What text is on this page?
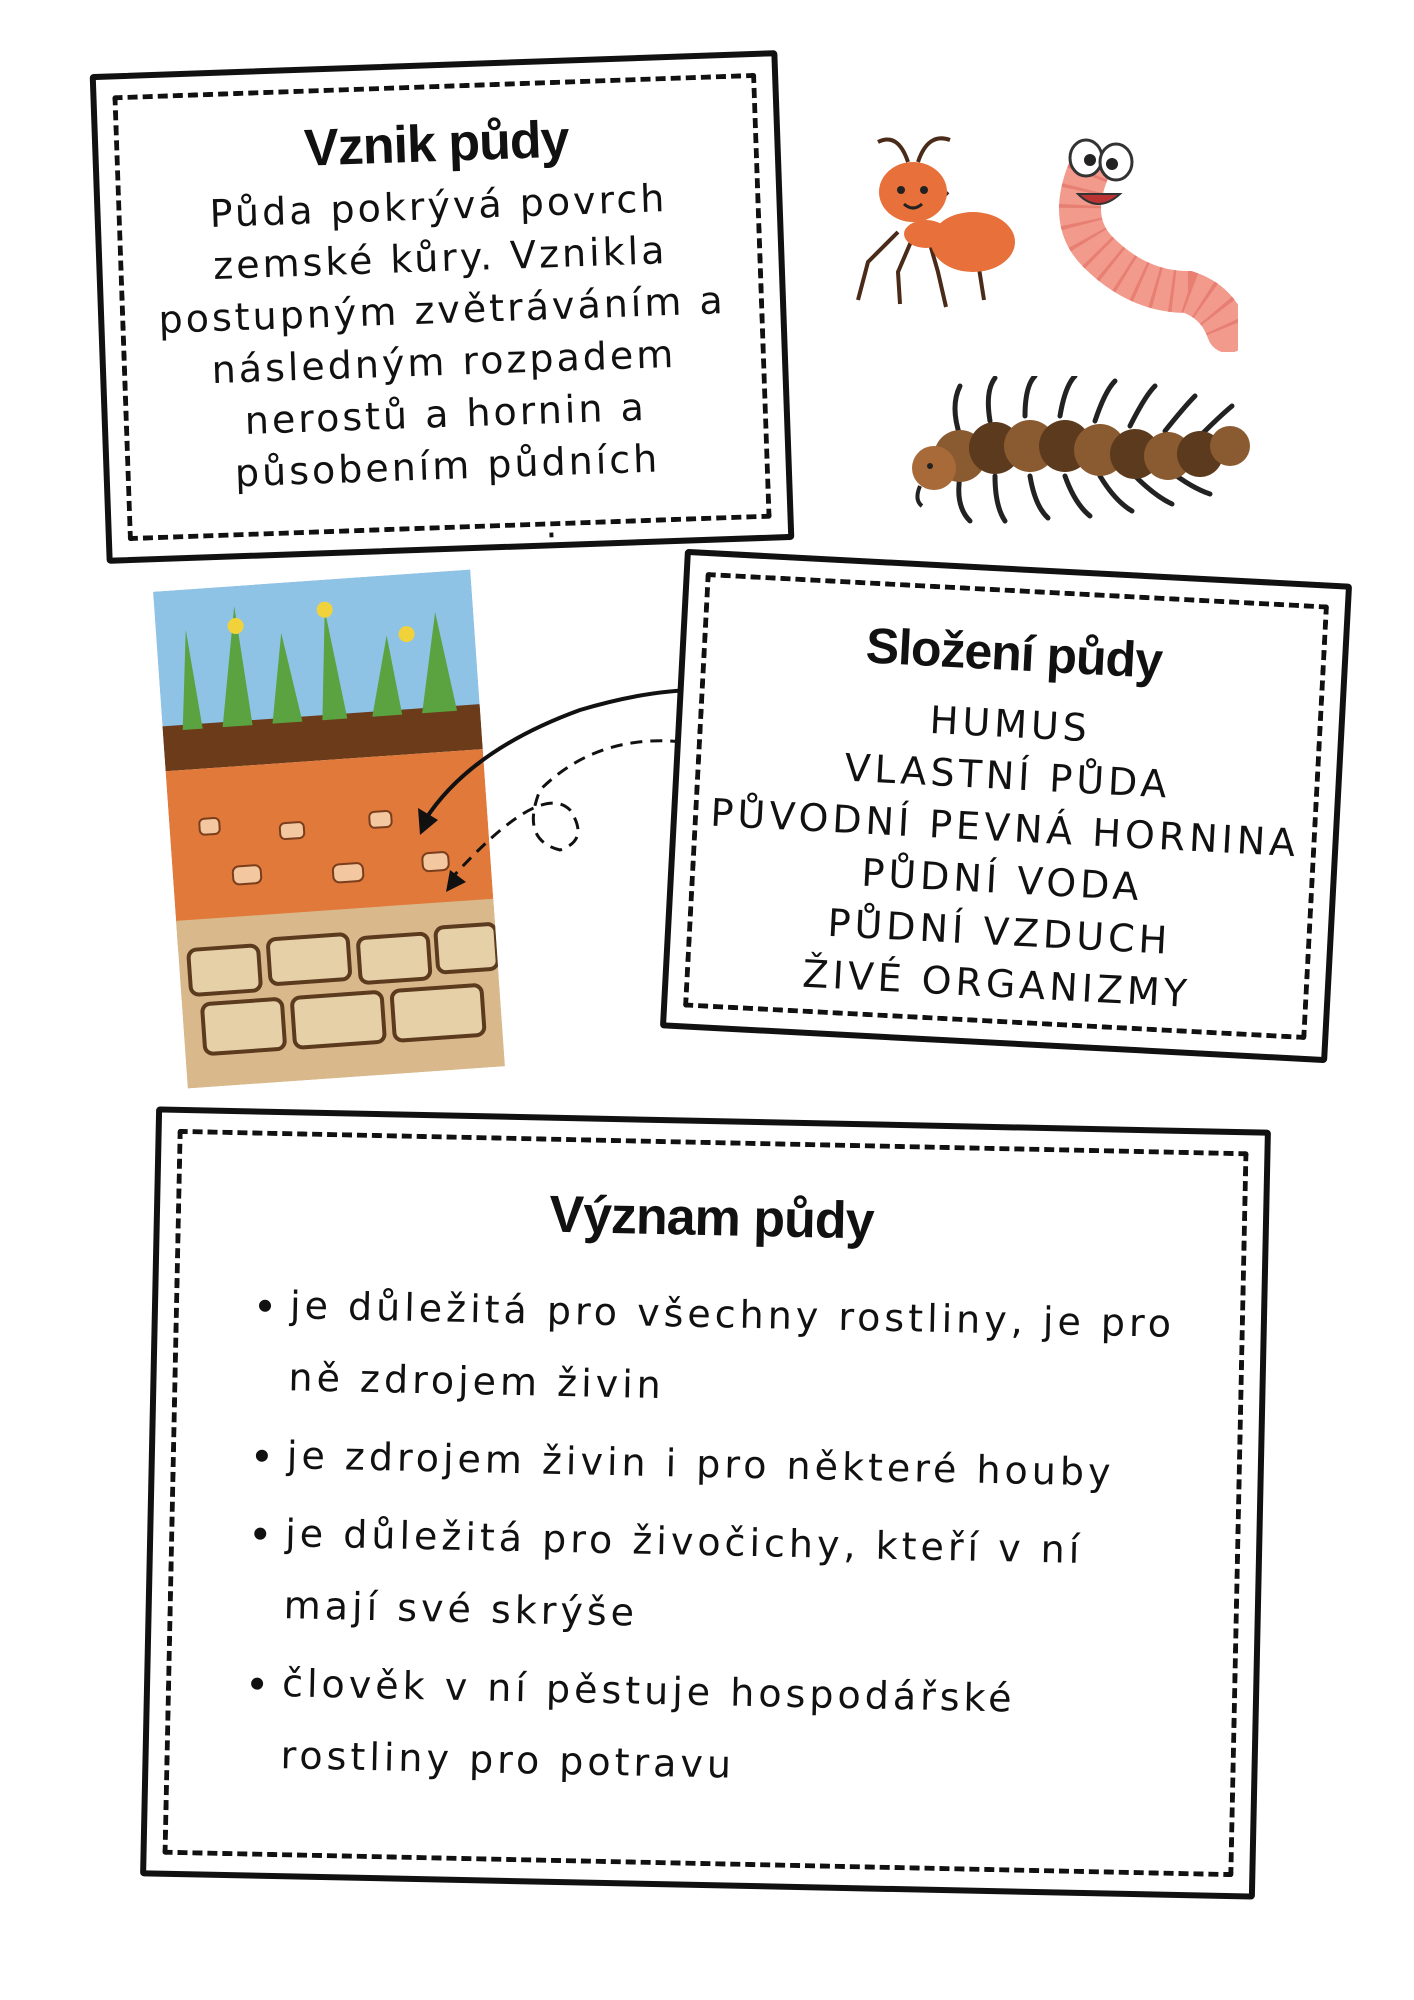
Vznik půdy
Půda pokrývá povrch zemské kůry. Vznikla postupným zvětráváním a následným rozpadem nerostů a hornin a působením půdních
_________.
Složení půdy
HUMUS
VLASTNÍ PŮDA
PŮVODNÍ PEVNÁ HORNINA
PŮDNÍ VODA
PŮDNÍ VZDUCH
ŽIVÉ ORGANIZMY
Význam půdy
• je důležitá pro všechny rostliny, je pro ně zdrojem živin
• je zdrojem živin i pro některé houby
• je důležitá pro živočichy, kteří v ní mají své skrýše
• člověk v ní pěstuje hospodářské rostliny pro potravu
